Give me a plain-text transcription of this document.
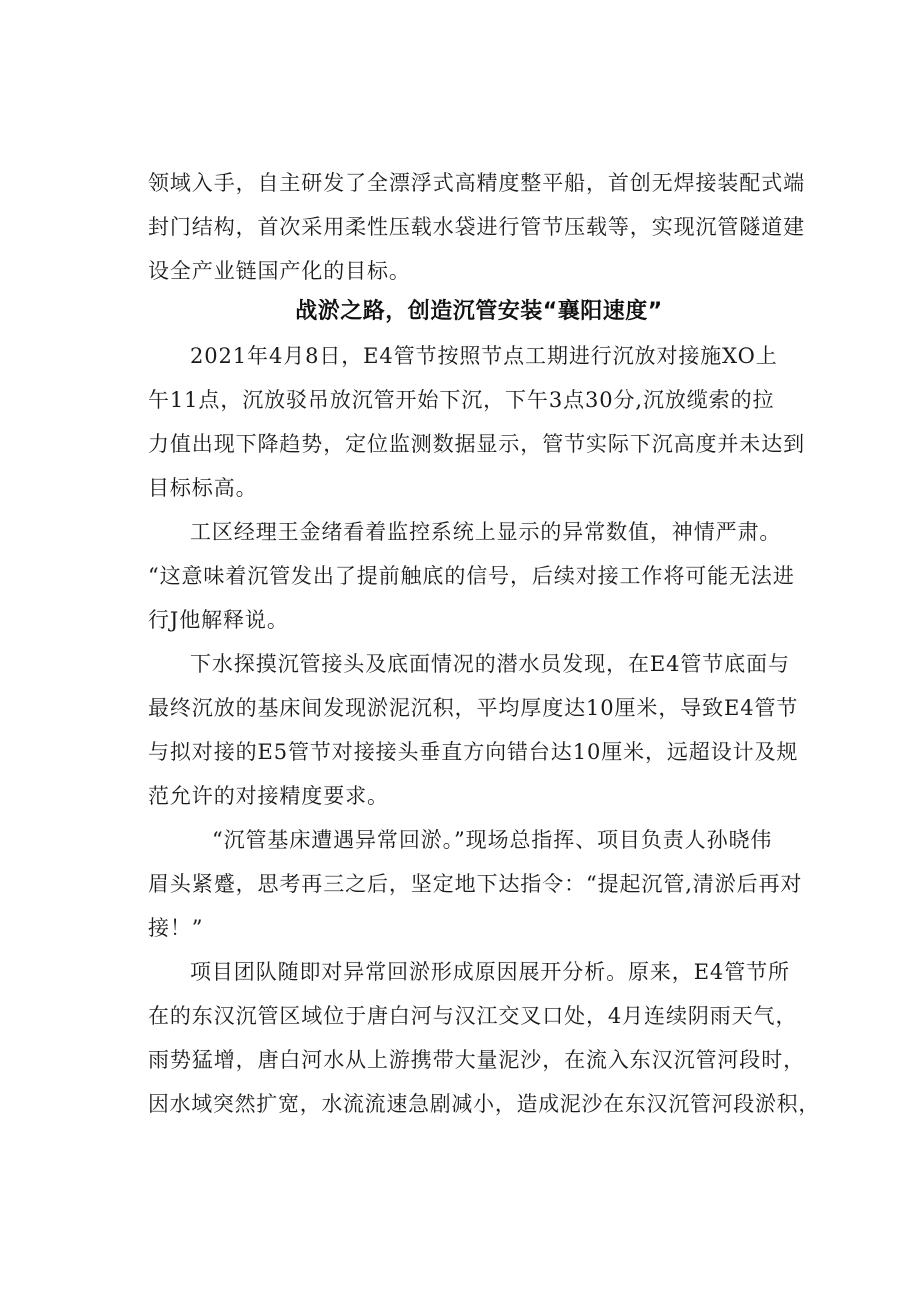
领域入手，自主研发了全漂浮式高精度整平船，首创无焊接装配式端
封门结构，首次采用柔性压载水袋进行管节压载等，实现沉管隧道建
设全产业链国产化的目标。
战淤之路，创造沉管安装“襄阳速度”
2021年4月8日，E4管节按照节点工期进行沉放对接施XO上
午11点，沉放驳吊放沉管开始下沉，下午3点30分,沉放缆索的拉
力值出现下降趋势，定位监测数据显示，管节实际下沉高度并未达到
目标标高。
工区经理王金绪看着监控系统上显示的异常数值，神情严肃。
“这意味着沉管发出了提前触底的信号，后续对接工作将可能无法进
行J他解释说。
下水探摸沉管接头及底面情况的潜水员发现，在E4管节底面与
最终沉放的基床间发现淤泥沉积，平均厚度达10厘米，导致E4管节
与拟对接的E5管节对接接头垂直方向错台达10厘米，远超设计及规
范允许的对接精度要求。
“沉管基床遭遇异常回淤。”现场总指挥、项目负责人孙晓伟
眉头紧蹙，思考再三之后，坚定地下达指令：“提起沉管,清淤后再对
接！”
项目团队随即对异常回淤形成原因展开分析。原来，E4管节所
在的东汉沉管区域位于唐白河与汉江交叉口处，4月连续阴雨天气，
雨势猛增，唐白河水从上游携带大量泥沙，在流入东汉沉管河段时，
因水域突然扩宽，水流流速急剧减小，造成泥沙在东汉沉管河段淤积，
